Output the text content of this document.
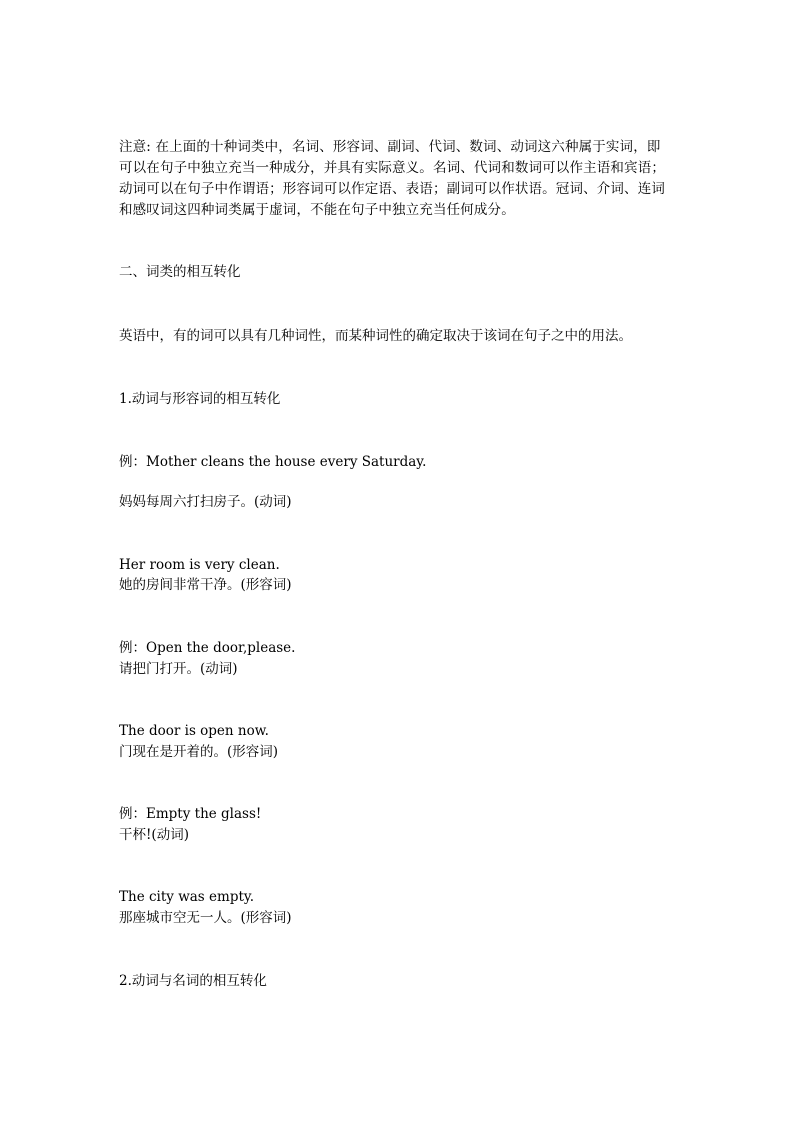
注意: 在上面的十种词类中，名词、形容词、副词、代词、数词、动词这六种属于实词，即
可以在句子中独立充当一种成分，并具有实际意义。名词、代词和数词可以作主语和宾语；
动词可以在句子中作谓语；形容词可以作定语、表语；副词可以作状语。冠词、介词、连词
和感叹词这四种词类属于虚词，不能在句子中独立充当任何成分。
二、词类的相互转化
英语中，有的词可以具有几种词性，而某种词性的确定取决于该词在句子之中的用法。
1.动词与形容词的相互转化
例：Mother cleans the house every Saturday.
妈妈每周六打扫房子。(动词)
Her room is very clean.
她的房间非常干净。(形容词)
例：Open the door,please.
请把门打开。(动词)
The door is open now.
门现在是开着的。(形容词)
例：Empty the glass!
干杯!(动词)
The city was empty.
那座城市空无一人。(形容词)
2.动词与名词的相互转化
